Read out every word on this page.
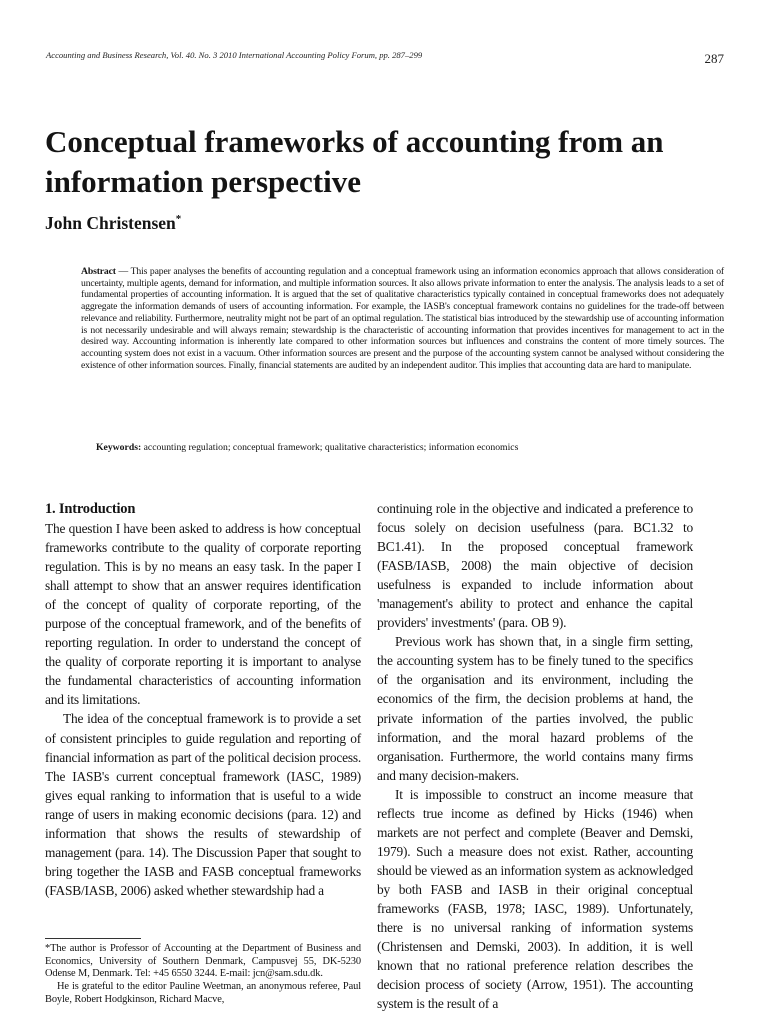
Accounting and Business Research, Vol. 40. No. 3 2010 International Accounting Policy Forum, pp. 287–299	287
Conceptual frameworks of accounting from an information perspective
John Christensen*
Abstract — This paper analyses the benefits of accounting regulation and a conceptual framework using an information economics approach that allows consideration of uncertainty, multiple agents, demand for information, and multiple information sources. It also allows private information to enter the analysis. The analysis leads to a set of fundamental properties of accounting information. It is argued that the set of qualitative characteristics typically contained in conceptual frameworks does not adequately aggregate the information demands of users of accounting information. For example, the IASB's conceptual framework contains no guidelines for the trade-off between relevance and reliability. Furthermore, neutrality might not be part of an optimal regulation. The statistical bias introduced by the stewardship use of accounting information is not necessarily undesirable and will always remain; stewardship is the characteristic of accounting information that provides incentives for management to act in the desired way. Accounting information is inherently late compared to other information sources but influences and constrains the content of more timely sources. The accounting system does not exist in a vacuum. Other information sources are present and the purpose of the accounting system cannot be analysed without considering the existence of other information sources. Finally, financial statements are audited by an independent auditor. This implies that accounting data are hard to manipulate.
Keywords: accounting regulation; conceptual framework; qualitative characteristics; information economics
1. Introduction

The question I have been asked to address is how conceptual frameworks contribute to the quality of corporate reporting regulation. This is by no means an easy task. In the paper I shall attempt to show that an answer requires identification of the concept of quality of corporate reporting, of the purpose of the conceptual framework, and of the benefits of reporting regulation. In order to understand the concept of the quality of corporate reporting it is important to analyse the fundamental characteristics of accounting information and its limitations.

The idea of the conceptual framework is to provide a set of consistent principles to guide regulation and reporting of financial information as part of the political decision process. The IASB's current conceptual framework (IASC, 1989) gives equal ranking to information that is useful to a wide range of users in making economic decisions (para. 12) and information that shows the results of stewardship of management (para. 14). The Discussion Paper that sought to bring together the IASB and FASB conceptual frameworks (FASB/IASB, 2006) asked whether stewardship had a

continuing role in the objective and indicated a preference to focus solely on decision usefulness (para. BC1.32 to BC1.41). In the proposed conceptual framework (FASB/IASB, 2008) the main objective of decision usefulness is expanded to include information about 'management's ability to protect and enhance the capital providers' investments' (para. OB 9).

Previous work has shown that, in a single firm setting, the accounting system has to be finely tuned to the specifics of the organisation and its environment, including the economics of the firm, the decision problems at hand, the private information of the parties involved, the public information, and the moral hazard problems of the organisation. Furthermore, the world contains many firms and many decision-makers.

It is impossible to construct an income measure that reflects true income as defined by Hicks (1946) when markets are not perfect and complete (Beaver and Demski, 1979). Such a measure does not exist. Rather, accounting should be viewed as an information system as acknowledged by both FASB and IASB in their original conceptual frameworks (FASB, 1978; IASC, 1989). Unfortunately, there is no universal ranking of information systems (Christensen and Demski, 2003). In addition, it is well known that no rational preference relation describes the decision process of society (Arrow, 1951). The accounting system is the result of a

*The author is Professor of Accounting at the Department of Business and Economics, University of Southern Denmark, Campusvej 55, DK-5230 Odense M, Denmark. Tel: +45 6550 3244. E-mail: jcn@sam.sdu.dk.

He is grateful to the editor Pauline Weetman, an anonymous referee, Paul Boyle, Robert Hodgkinson, Richard Macve,
